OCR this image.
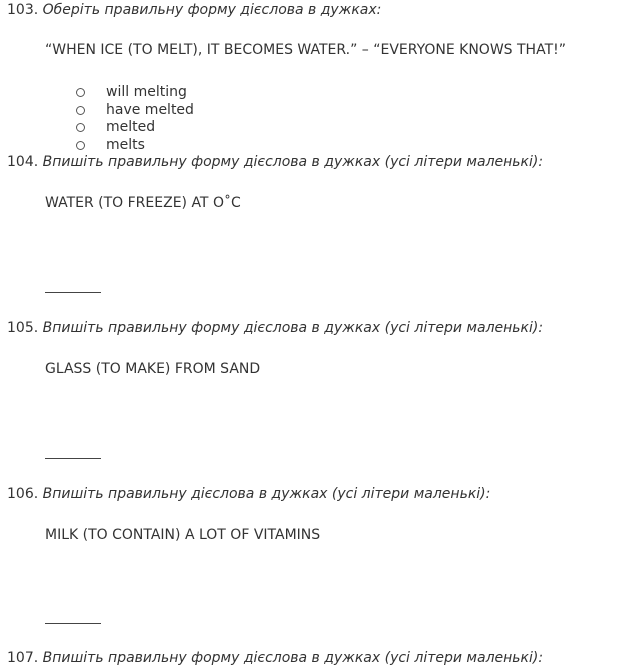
103. Оберіть правильну форму дієслова в дужках:
“WHEN ICE (TO MELT), IT BECOMES WATER.” – “EVERYONE KNOWS THAT!”
will melting
have melted
melted
melts
104. Впишіть правильну форму дієслова в дужках (усі літери маленькі):
WATER (TO FREEZE) AT O˚C
105. Впишіть правильну форму дієслова в дужках (усі літери маленькі):
GLASS (TO MAKE) FROM SAND
106. Впишіть правильну дієслова в дужках (усі літери маленькі):
MILK (TO CONTAIN) A LOT OF VITAMINS
107. Впишіть правильну форму дієслова в дужках (усі літери маленькі):
